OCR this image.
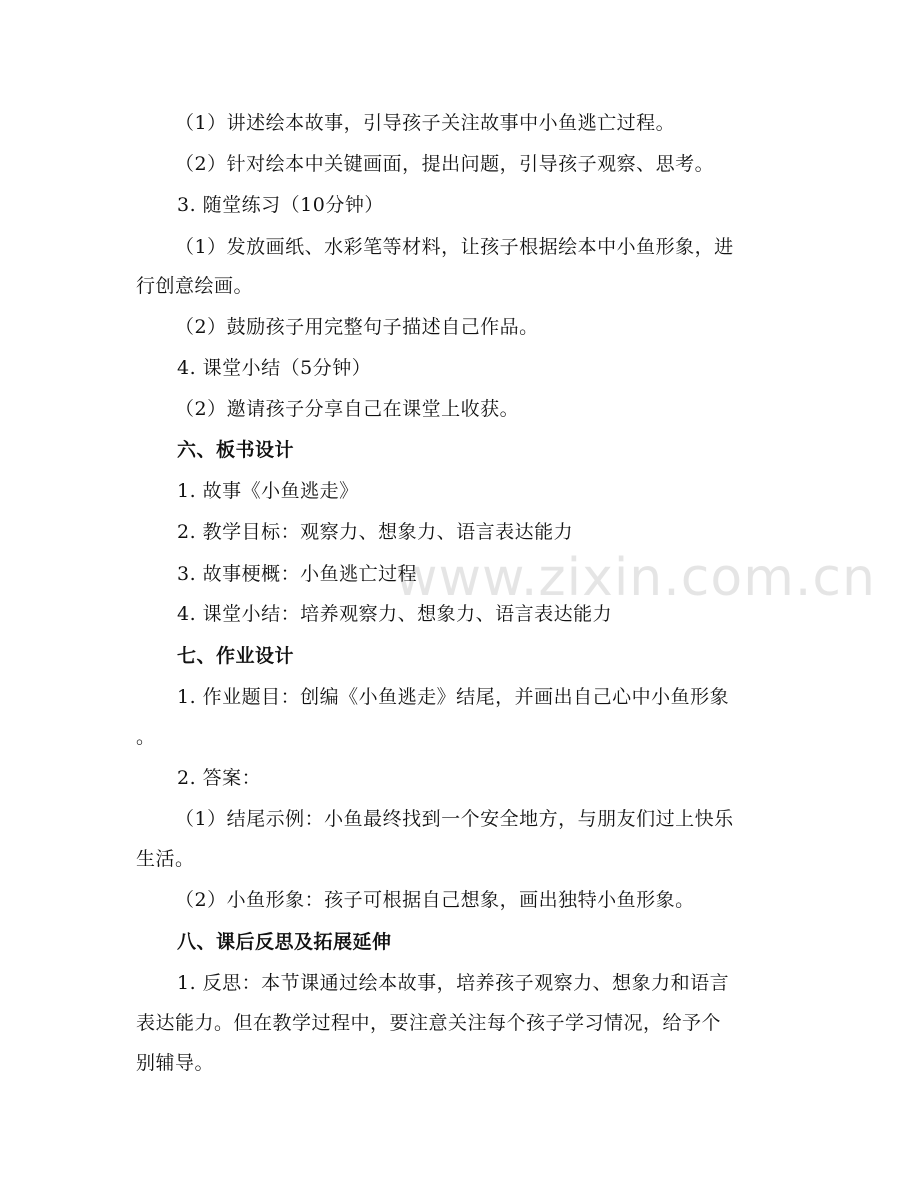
www.zixin.com.cn
（1）讲述绘本故事，引导孩子关注故事中小鱼逃亡过程。
（2）针对绘本中关键画面，提出问题，引导孩子观察、思考。
3. 随堂练习（10分钟）
（1）发放画纸、水彩笔等材料，让孩子根据绘本中小鱼形象，进
行创意绘画。
（2）鼓励孩子用完整句子描述自己作品。
4. 课堂小结（5分钟）
（2）邀请孩子分享自己在课堂上收获。
六、板书设计
1. 故事《小鱼逃走》
2. 教学目标：观察力、想象力、语言表达能力
3. 故事梗概：小鱼逃亡过程
4. 课堂小结：培养观察力、想象力、语言表达能力
七、作业设计
1. 作业题目：创编《小鱼逃走》结尾，并画出自己心中小鱼形象
。
2. 答案：
（1）结尾示例：小鱼最终找到一个安全地方，与朋友们过上快乐
生活。
（2）小鱼形象：孩子可根据自己想象，画出独特小鱼形象。
八、课后反思及拓展延伸
1. 反思：本节课通过绘本故事，培养孩子观察力、想象力和语言
表达能力。但在教学过程中，要注意关注每个孩子学习情况，给予个
别辅导。
